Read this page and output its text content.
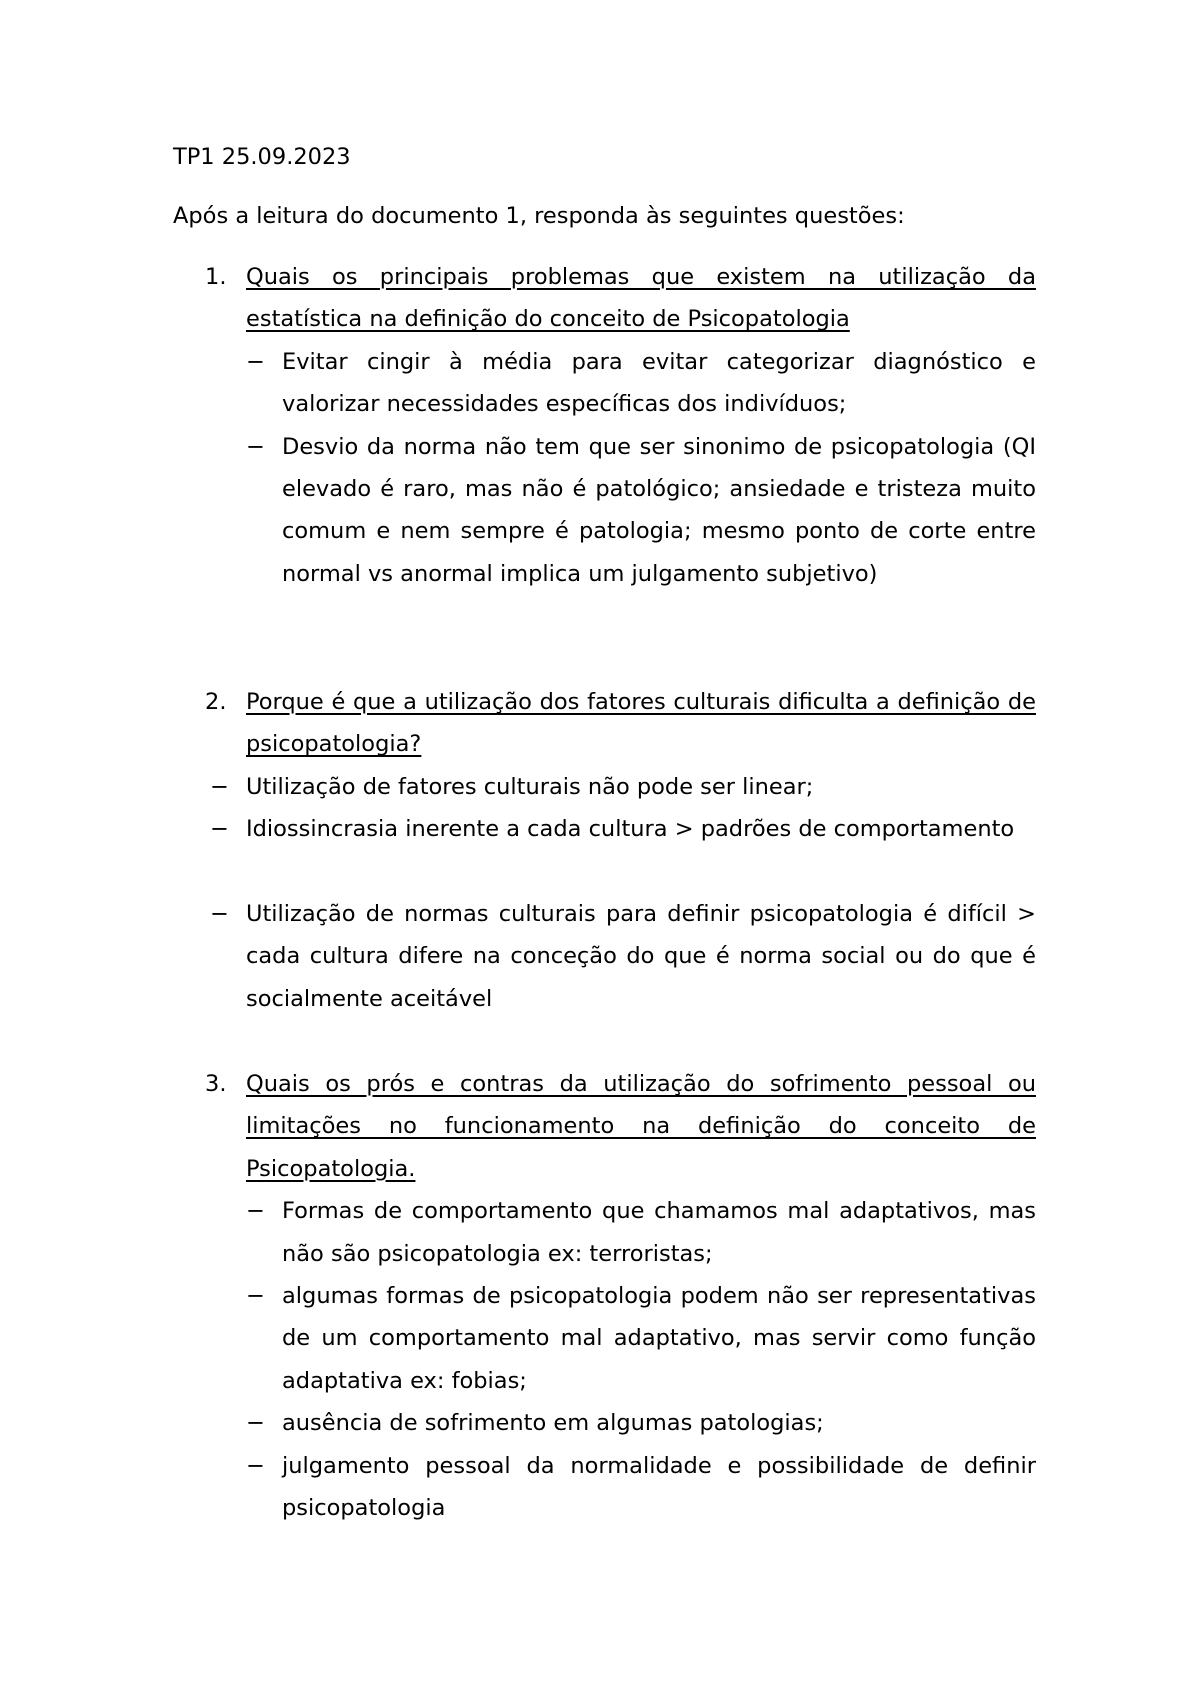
TP1 25.09.2023
Após a leitura do documento 1, responda às seguintes questões:
1. Quais os principais problemas que existem na utilização da estatística na definição do conceito de Psicopatologia
− Evitar cingir à média para evitar categorizar diagnóstico e valorizar necessidades específicas dos indivíduos;
− Desvio da norma não tem que ser sinonimo de psicopatologia (QI elevado é raro, mas não é patológico; ansiedade e tristeza muito comum e nem sempre é patologia; mesmo ponto de corte entre normal vs anormal implica um julgamento subjetivo)
2. Porque é que a utilização dos fatores culturais dificulta a definição de psicopatologia?
− Utilização de fatores culturais não pode ser linear;
− Idiossincrasia inerente a cada cultura > padrões de comportamento
− Utilização de normas culturais para definir psicopatologia é difícil > cada cultura difere na conceção do que é norma social ou do que é socialmente aceitável
3. Quais os prós e contras da utilização do sofrimento pessoal ou limitações no funcionamento na definição do conceito de Psicopatologia.
− Formas de comportamento que chamamos mal adaptativos, mas não são psicopatologia ex: terroristas;
− algumas formas de psicopatologia podem não ser representativas de um comportamento mal adaptativo, mas servir como função adaptativa ex: fobias;
− ausência de sofrimento em algumas patologias;
− julgamento pessoal da normalidade e possibilidade de definir psicopatologia
